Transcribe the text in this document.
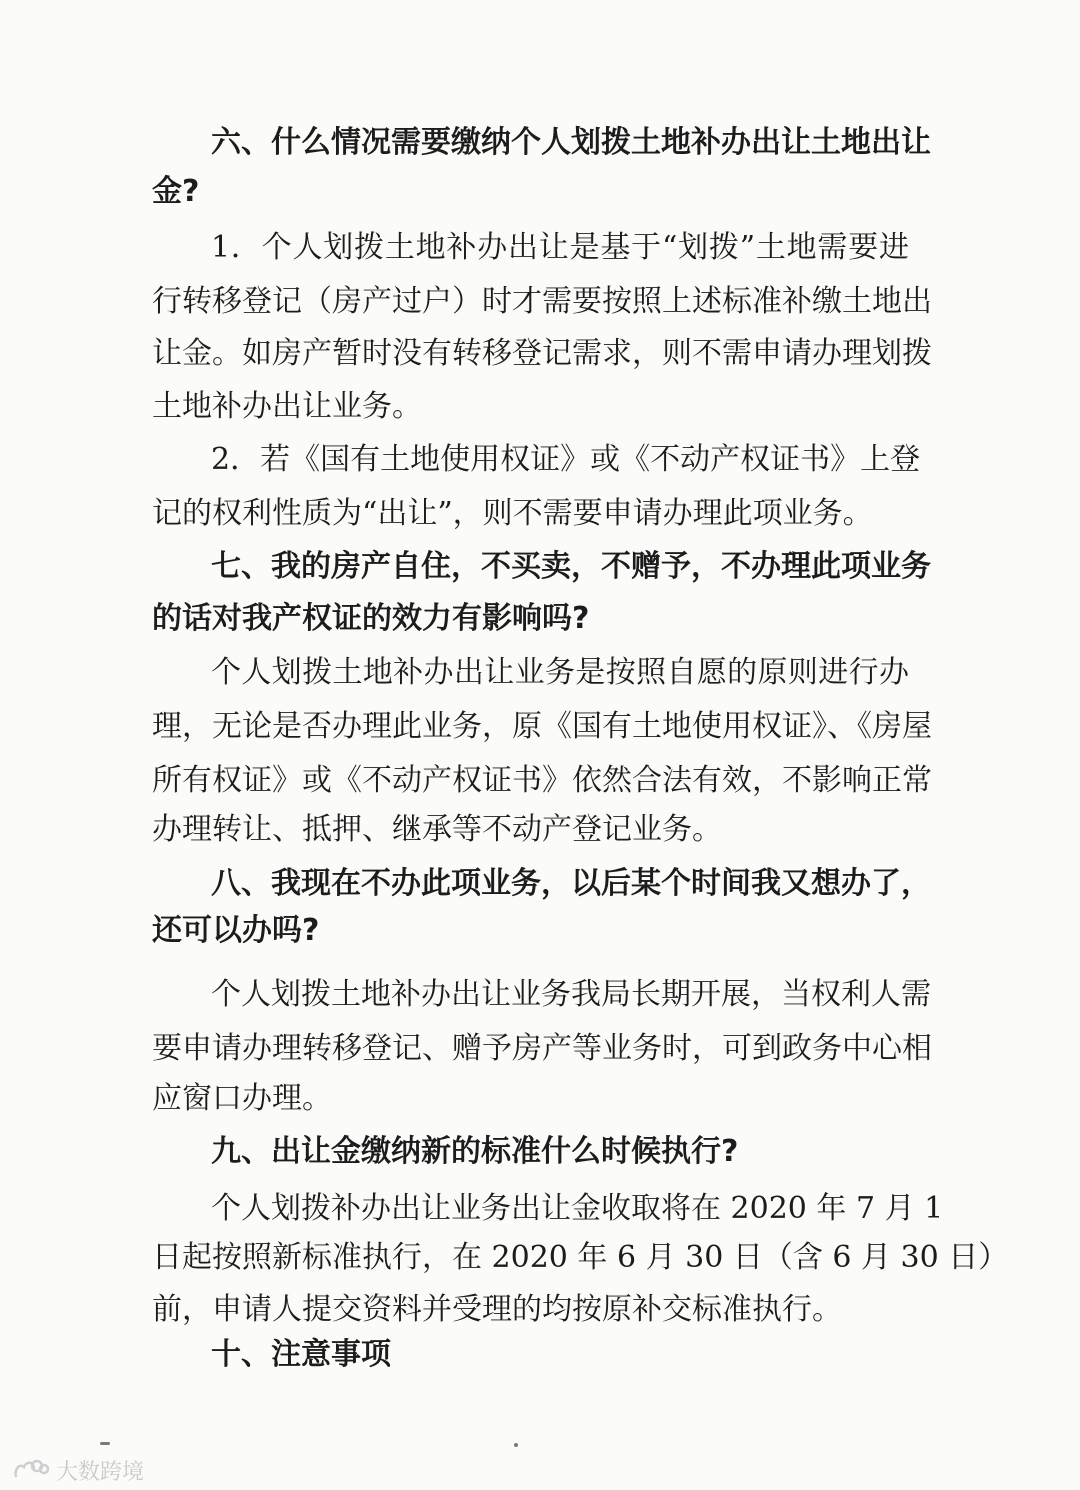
六、什么情况需要缴纳个人划拨土地补办出让土地出让
金?
1．个人划拨土地补办出让是基于“划拨”土地需要进
行转移登记（房产过户）时才需要按照上述标准补缴土地出
让金。如房产暂时没有转移登记需求，则不需申请办理划拨
土地补办出让业务。
2．若《国有土地使用权证》或《不动产权证书》上登
记的权利性质为“出让”，则不需要申请办理此项业务。
七、我的房产自住，不买卖，不赠予，不办理此项业务
的话对我产权证的效力有影响吗?
个人划拨土地补办出让业务是按照自愿的原则进行办
理，无论是否办理此业务，原《国有土地使用权证》、《房屋
所有权证》或《不动产权证书》依然合法有效，不影响正常
办理转让、抵押、继承等不动产登记业务。
八、我现在不办此项业务，以后某个时间我又想办了，
还可以办吗?
个人划拨土地补办出让业务我局长期开展，当权利人需
要申请办理转移登记、赠予房产等业务时，可到政务中心相
应窗口办理。
九、出让金缴纳新的标准什么时候执行?
个人划拨补办出让业务出让金收取将在 2020 年 7 月 1
日起按照新标准执行，在 2020 年 6 月 30 日（含 6 月 30 日）
前，申请人提交资料并受理的均按原补交标准执行。
十、注意事项
大数跨境
